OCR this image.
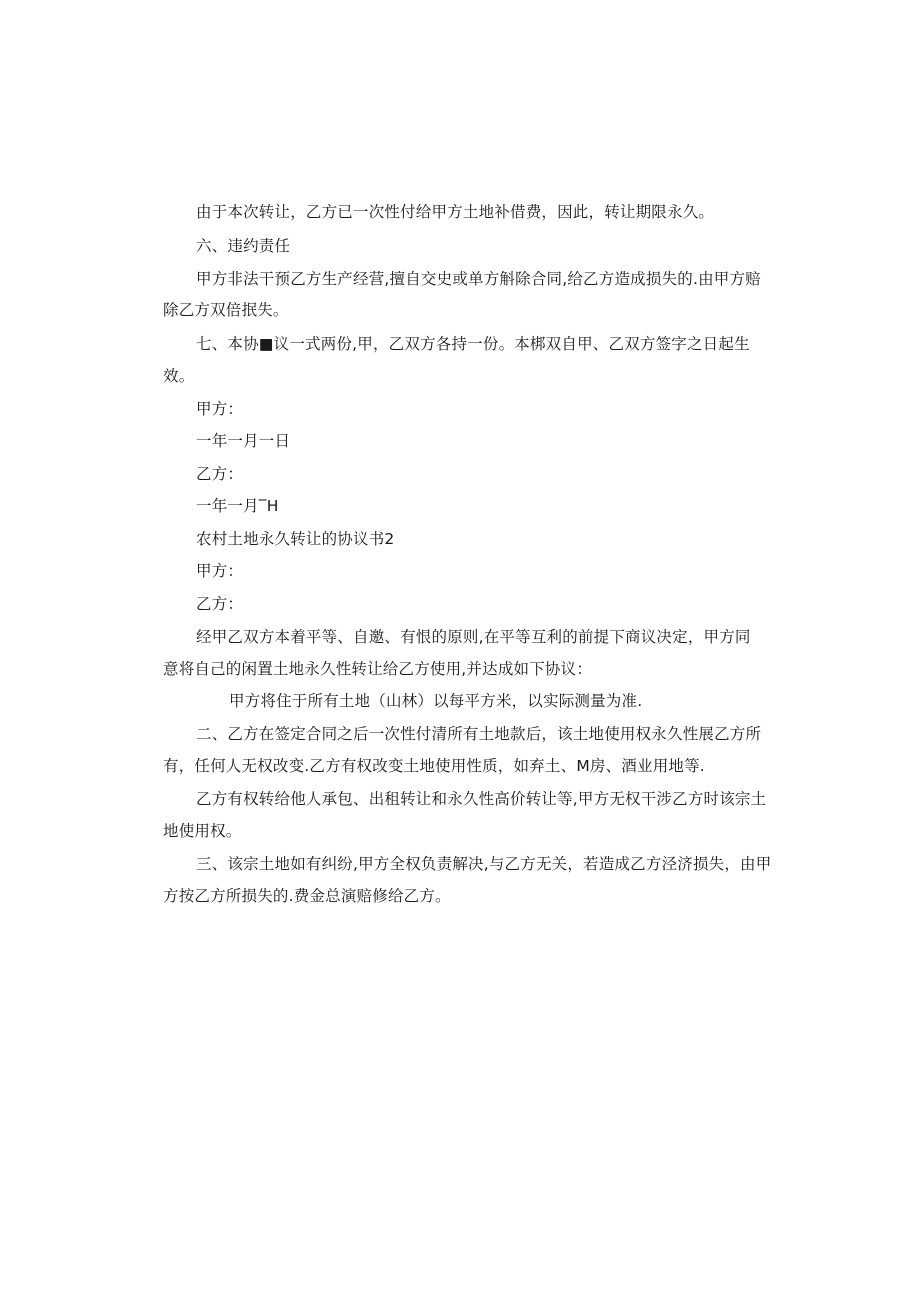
由于本次转让，乙方已一次性付给甲方土地补借费，因此，转让期限永久。
六、违约责任
甲方非法干预乙方生产经营,擅自交史或单方斛除合同,给乙方造成损失的.由甲方赔
除乙方双倍抿失。
七、本协■议一式两份,甲，乙双方各持一份。本梆双自甲、乙双方签字之日起生
效。
甲方：
一年一月一日
乙方：
一年一月‾H
农村土地永久转让的协议书2
甲方：
乙方：
经甲乙双方本着平等、自邀、有恨的原则,在平等互利的前提下商议决定，甲方同
意将自己的闲置土地永久性转让给乙方使用,并达成如下协议：
甲方将住于所有土地（山林）以每平方米，以实际测量为准.
二、乙方在签定合同之后一次性付清所有土地款后，该土地使用权永久性展乙方所
有，任何人无权改变.乙方有权改变土地使用性质，如弃土、M房、酒业用地等.
乙方有权转给他人承包、出租转让和永久性高价转让等,甲方无权干涉乙方时该宗土
地使用权。
三、该宗土地如有纠纷,甲方全权负责解决,与乙方无关，若造成乙方泾济损失，由甲
方按乙方所损失的.费金总演赔修给乙方。
